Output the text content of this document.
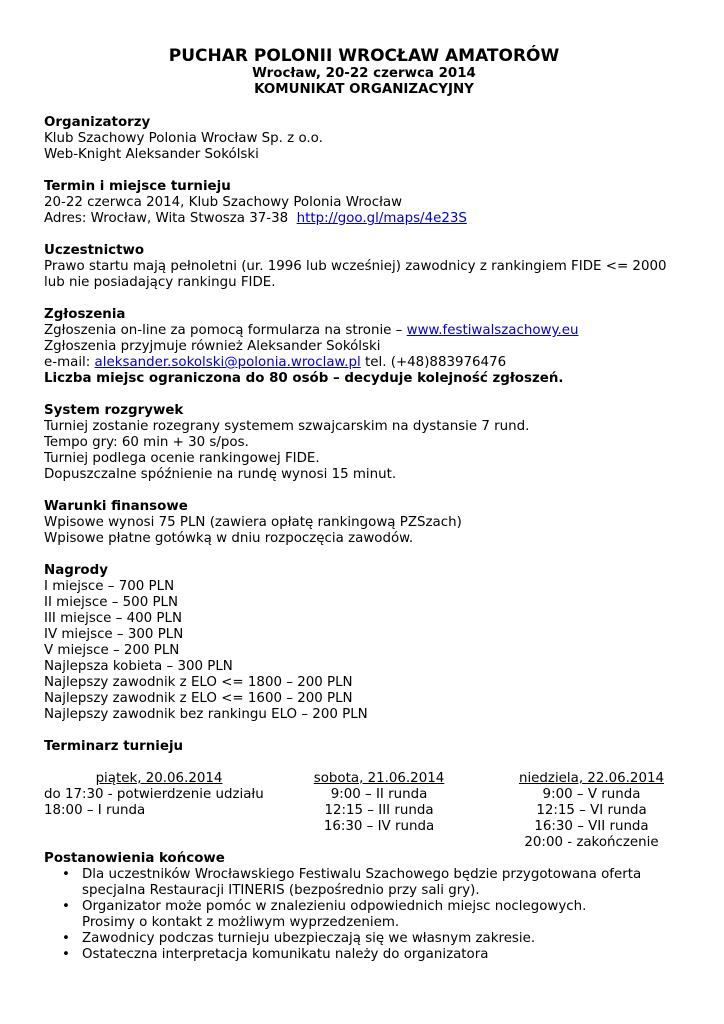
PUCHAR POLONII WROCŁAW AMATORÓW

Wrocław, 20-22 czerwca 2014

KOMUNIKAT ORGANIZACYJNY

Organizatorzy

Klub Szachowy Polonia Wrocław Sp. z o.o.

Web-Knight Aleksander Sokólski

Termin i miejsce turnieju

20-22 czerwca 2014, Klub Szachowy Polonia Wrocław

Adres: Wrocław, Wita Stwosza 37-38 http://goo.gl/maps/4e23S

Uczestnictwo

Prawo startu mają pełnoletni (ur. 1996 lub wcześniej) zawodnicy z rankingiem FIDE <= 2000

lub nie posiadający rankingu FIDE.

Zgłoszenia

Zgłoszenia on-line za pomocą formularza na stronie – www.festiwalszachowy.eu

Zgłoszenia przyjmuje również Aleksander Sokólski

e-mail: aleksander.sokolski@polonia.wroclaw.pl tel. (+48)883976476

Liczba miejsc ograniczona do 80 osób – decyduje kolejność zgłoszeń.

System rozgrywek

Turniej zostanie rozegrany systemem szwajcarskim na dystansie 7 rund.

Tempo gry: 60 min + 30 s/pos.

Turniej podlega ocenie rankingowej FIDE.

Dopuszczalne spóźnienie na rundę wynosi 15 minut.

Warunki finansowe

Wpisowe wynosi 75 PLN (zawiera opłatę rankingową PZSzach)

Wpisowe płatne gotówką w dniu rozpoczęcia zawodów.

Nagrody

I miejsce – 700 PLN

II miejsce – 500 PLN

III miejsce – 400 PLN

IV miejsce – 300 PLN

V miejsce – 200 PLN

Najlepsza kobieta – 300 PLN

Najlepszy zawodnik z ELO <= 1800 – 200 PLN

Najlepszy zawodnik z ELO <= 1600 – 200 PLN

Najlepszy zawodnik bez rankingu ELO – 200 PLN

Terminarz turnieju

piątek, 20.06.2014

do 17:30 - potwierdzenie udziału

18:00 – I runda

sobota, 21.06.2014

9:00 – II runda

12:15 – III runda

16:30 – IV runda

niedziela, 22.06.2014

9:00 – V runda

12:15 – VI runda

16:30 – VII runda

20:00 - zakończenie

Postanowienia końcowe

• Dla uczestników Wrocławskiego Festiwalu Szachowego będzie przygotowana oferta
specjalna Restauracji ITINERIS (bezpośrednio przy sali gry).
• Organizator może pomóc w znalezieniu odpowiednich miejsc noclegowych.
Prosimy o kontakt z możliwym wyprzedzeniem.
• Zawodnicy podczas turnieju ubezpieczają się we własnym zakresie.
• Ostateczna interpretacja komunikatu należy do organizatora
